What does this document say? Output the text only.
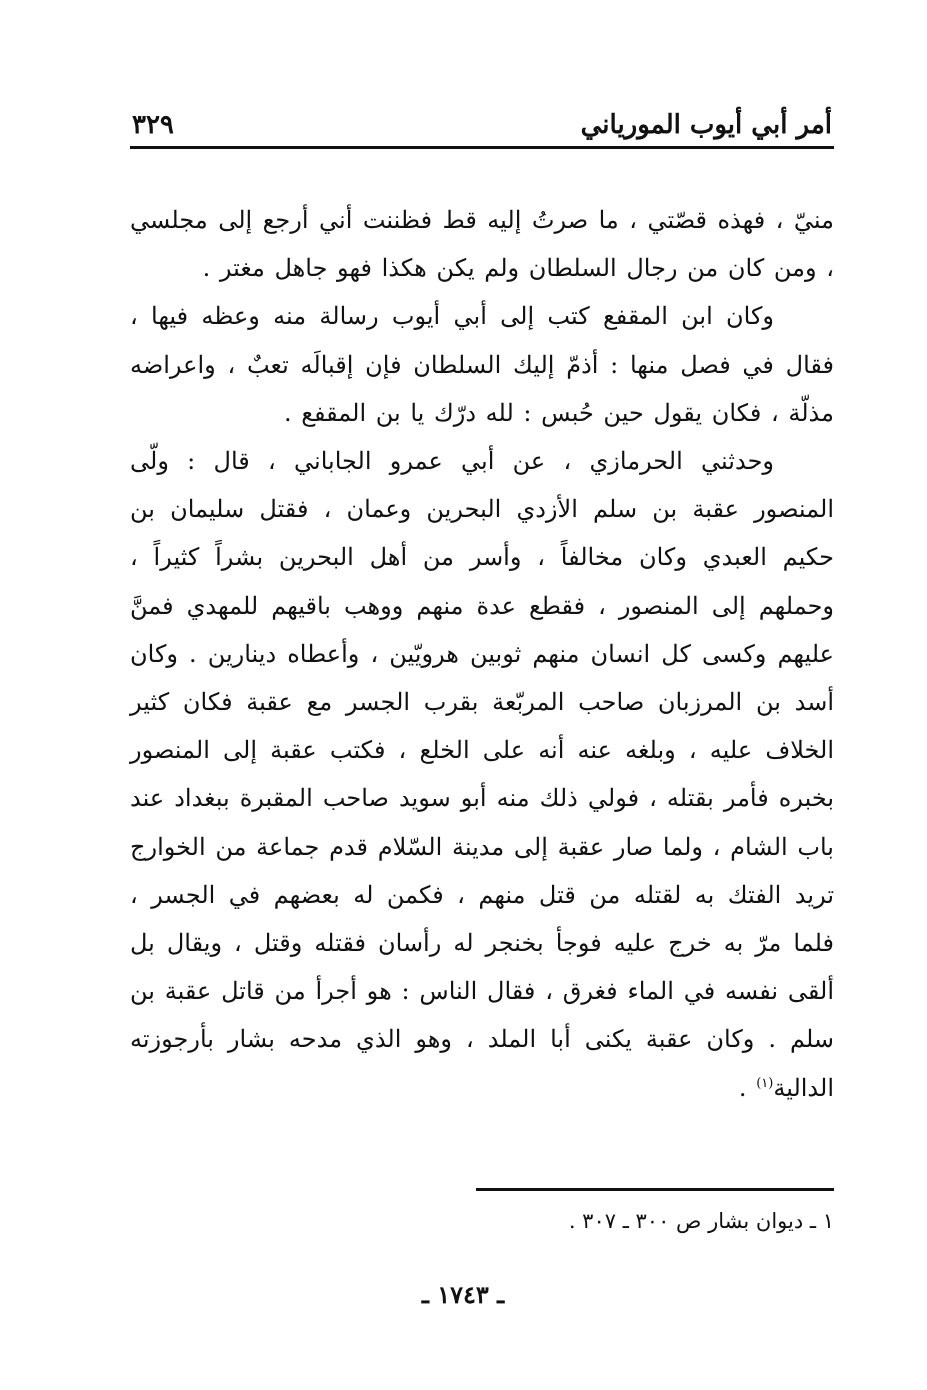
أمر أبي أيوب المورياني
٣٢٩

منيّ ، فهذه قصّتي ، ما صرتُ إليه قط فظننت أني أرجع إلى مجلسي ، ومن كان من رجال السلطان ولم يكن هكذا فهو جاهل مغتر .

وكان ابن المقفع كتب إلى أبي أيوب رسالة منه وعظه فيها ، فقال في فصل منها : أذمّ إليك السلطان فإن إقبالَه تعبٌ ، واعراضه مذلّة ، فكان يقول حين حُبس : لله درّك يا بن المقفع .

وحدثني الحرمازي ، عن أبي عمرو الجاباني ، قال : ولّى المنصور عقبة بن سلم الأزدي البحرين وعمان ، فقتل سليمان بن حكيم العبدي وكان مخالفاً ، وأسر من أهل البحرين بشراً كثيراً ، وحملهم إلى المنصور ، فقطع عدة منهم ووهب باقيهم للمهدي فمنَّ عليهم وكسى كل انسان منهم ثوبين هرويّين ، وأعطاه دينارين . وكان أسد بن المرزبان صاحب المربّعة بقرب الجسر مع عقبة فكان كثير الخلاف عليه ، وبلغه عنه أنه على الخلع ، فكتب عقبة إلى المنصور بخبره فأمر بقتله ، فولي ذلك منه أبو سويد صاحب المقبرة ببغداد عند باب الشام ، ولما صار عقبة إلى مدينة السّلام قدم جماعة من الخوارج تريد الفتك به لقتله من قتل منهم ، فكمن له بعضهم في الجسر ، فلما مرّ به خرج عليه فوجأ بخنجر له رأسان فقتله وقتل ، ويقال بل ألقى نفسه في الماء فغرق ، فقال الناس : هو أجرأ من قاتل عقبة بن سلم . وكان عقبة يكنى أبا الملد ، وهو الذي مدحه بشار بأرجوزته الدالية$^{(١)}$ .

١ ـ ديوان بشار ص ٣٠٠ ـ ٣٠٧ .
ـ ١٧٤٣ ـ
